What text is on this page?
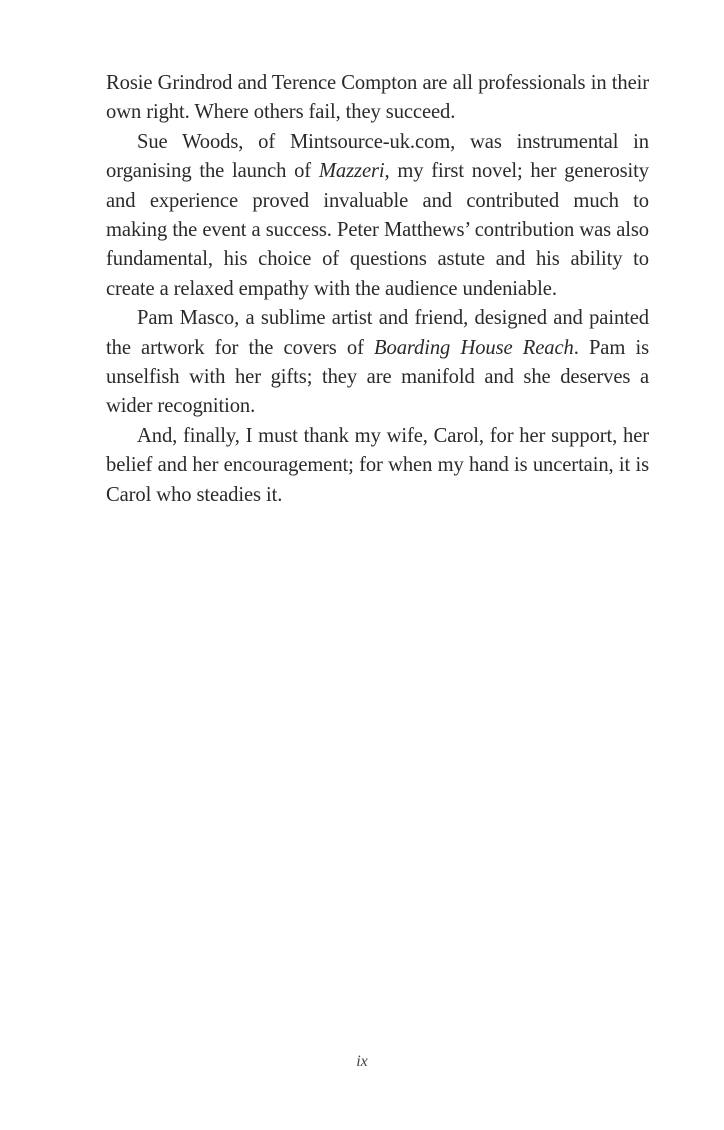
Rosie Grindrod and Terence Compton are all professionals in their own right. Where others fail, they succeed.

Sue Woods, of Mintsource-uk.com, was instrumental in organising the launch of Mazzeri, my first novel; her generosity and experience proved invaluable and contributed much to making the event a success. Peter Matthews’ contribution was also fundamental, his choice of questions astute and his ability to create a relaxed empathy with the audience undeniable.

Pam Masco, a sublime artist and friend, designed and painted the artwork for the covers of Boarding House Reach. Pam is unselfish with her gifts; they are manifold and she deserves a wider recognition.

And, finally, I must thank my wife, Carol, for her support, her belief and her encouragement; for when my hand is uncertain, it is Carol who steadies it.

ix
